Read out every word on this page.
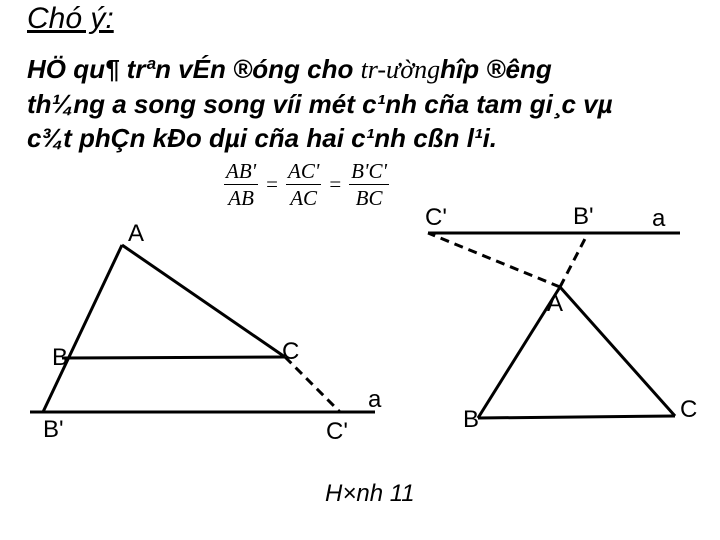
Chó ý:
HÖ qu¶ trªn vÉn ®óng cho tr-ườnghîp ®êng
th¼ng a song song víi mét c¹nh cña tam gi¸c vµ
c¾t phÇn kÐo dµi cña hai c¹nh cßn l¹i.
$\frac{AB'}{AB} = \frac{AC'}{AC} = \frac{B'C'}{BC}$
A
B	C
B'	C'
a
C'	B' a
A
B	C
H×nh 11
